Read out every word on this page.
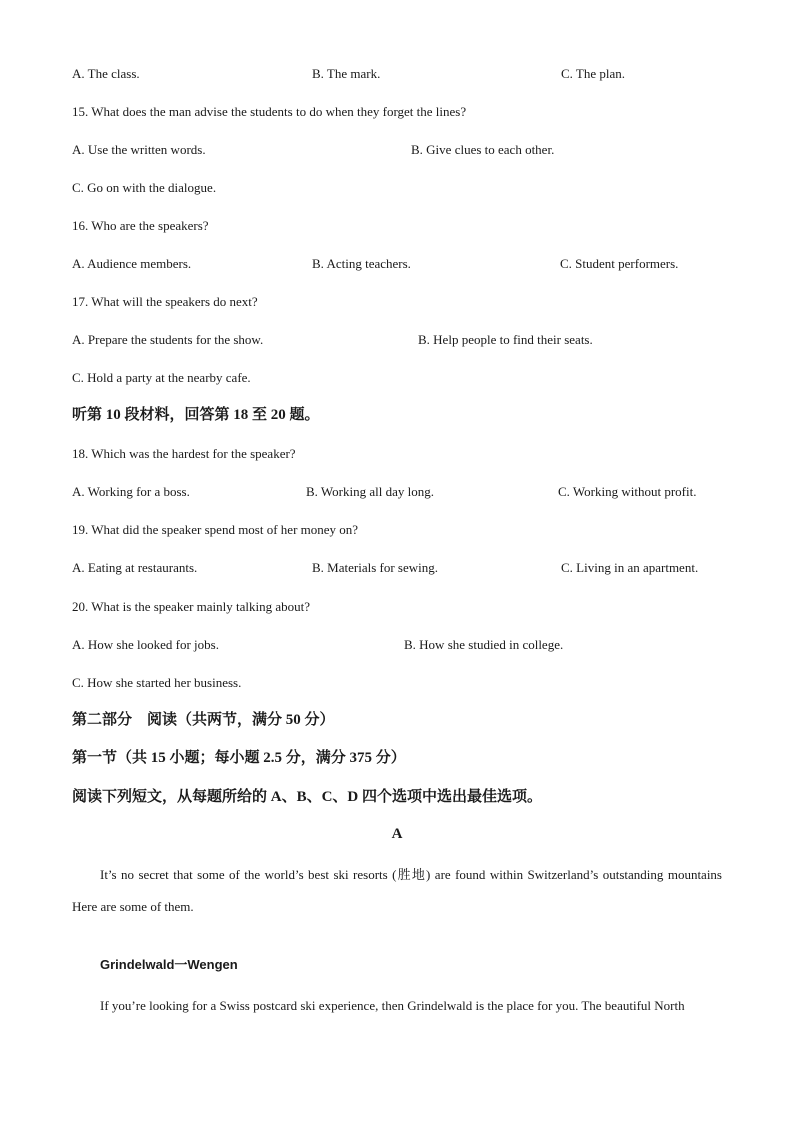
A. The class.	B. The mark.	C. The plan.
15. What does the man advise the students to do when they forget the lines?
A. Use the written words.	B. Give clues to each other.
C. Go on with the dialogue.
16. Who are the speakers?
A. Audience members.	B. Acting teachers.	C. Student performers.
17. What will the speakers do next?
A. Prepare the students for the show.	B. Help people to find their seats.
C. Hold a party at the nearby cafe.
听第 10 段材料，回答第 18 至 20 题。
18. Which was the hardest for the speaker?
A. Working for a boss.	B. Working all day long.	C. Working without profit.
19. What did the speaker spend most of her money on?
A. Eating at restaurants.	B. Materials for sewing.	C. Living in an apartment.
20. What is the speaker mainly talking about?
A. How she looked for jobs.	B. How she studied in college.
C. How she started her business.
第二部分　阅读（共两节，满分 50 分）
第一节（共 15 小题；每小题 2.5 分，满分 375 分）
阅读下列短文，从每题所给的 A、B、C、D 四个选项中选出最佳选项。
A
It’s no secret that some of the world’s best ski resorts (胜地) are found within Switzerland’s outstanding mountains Here are some of them.
Grindelwald一Wengen
If you’re looking for a Swiss postcard ski experience, then Grindelwald is the place for you. The beautiful North
